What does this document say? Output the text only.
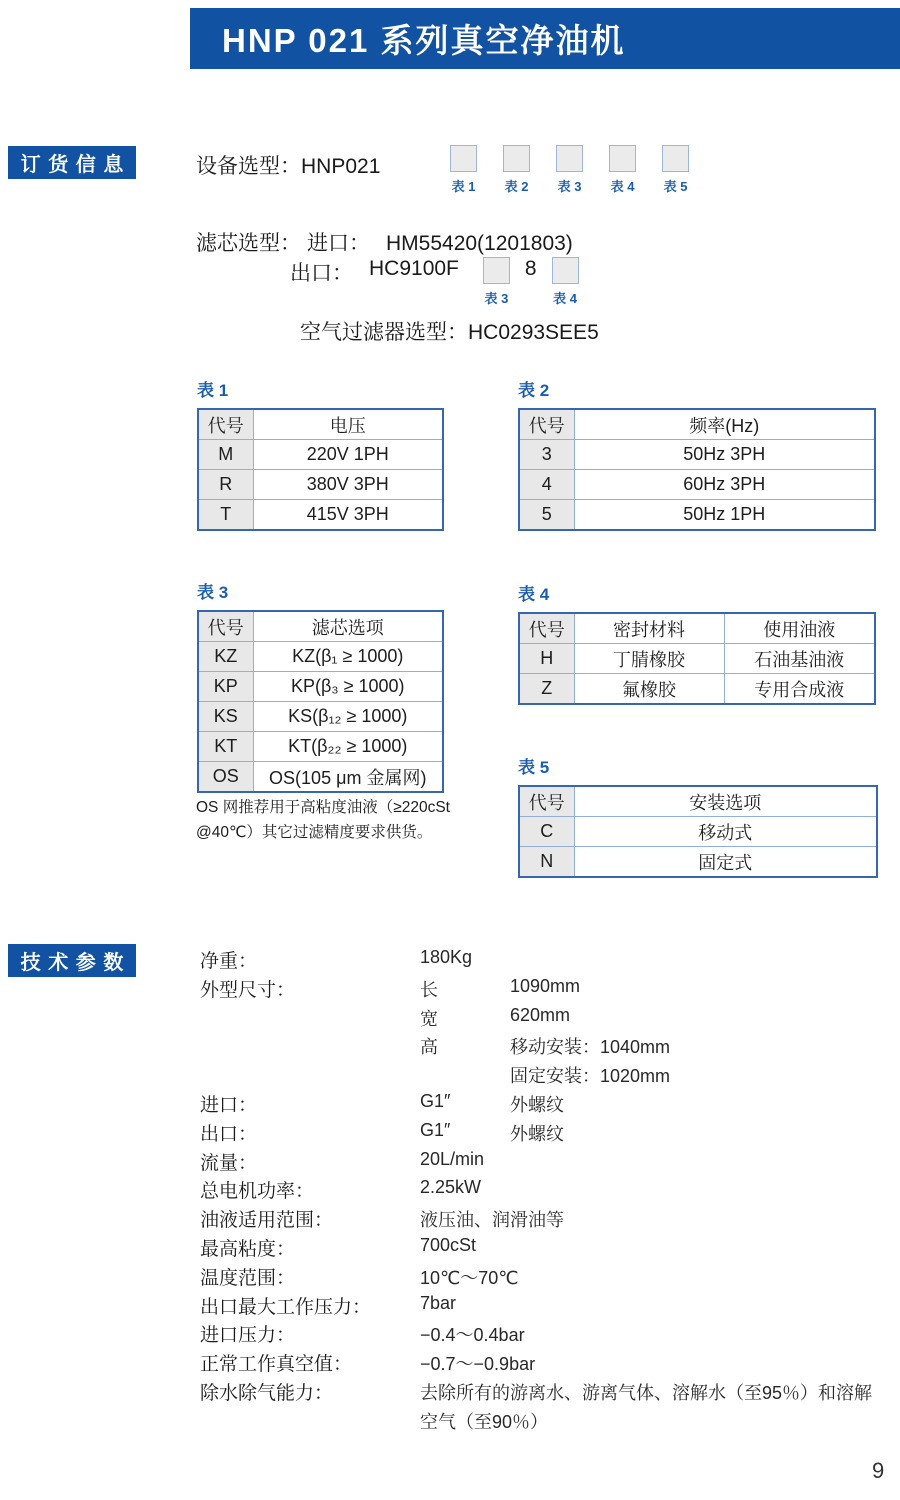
HNP 021 系列真空净油机
订货信息	设备选型：HNP021
表 1 表 2 表 3 表 4 表 5
滤芯选型： 进口： HM55420(1201803)
出口： HC9100F
表 3
8
表 4
空气过滤器选型：HC0293SEE5
表 1
代号	电压
M	220V 1PH
R	380V 3PH
T	415V 3PH
表 2
代号	频率(Hz)
3	50Hz 3PH
4	60Hz 3PH
5	50Hz 1PH
表 3
代号	滤芯选项
KZ	KZ(β₁ ≥ 1000)
KP	KP(β₃ ≥ 1000)
KS	KS(β₁₂ ≥ 1000)
KT	KT(β₂₂ ≥ 1000)
OS	OS(105 μm 金属网)
OS 网推荐用于高粘度油液（≥220cSt
@40℃）其它过滤精度要求供货。
表 4
代号	密封材料	使用油液
H	丁腈橡胶	石油基油液
Z	氟橡胶	专用合成液
表 5
代号	安装选项
C	移动式
N	固定式
技术参数	净重：	180Kg
外型尺寸：	长	1090mm
宽	620mm
高	移动安装：1040mm
固定安装：1020mm
进口：	G1″	外螺纹
出口：	G1″	外螺纹
流量：	20L/min
总电机功率：	2.25kW
油液适用范围：	液压油、润滑油等
最高粘度：	700cSt
温度范围：	10℃～70℃
出口最大工作压力：	7bar
进口压力：	−0.4～0.4bar
正常工作真空值：	−0.7～−0.9bar
除水除气能力：	去除所有的游离水、游离气体、溶解水（至95％）和溶解
空气（至90％）
9
